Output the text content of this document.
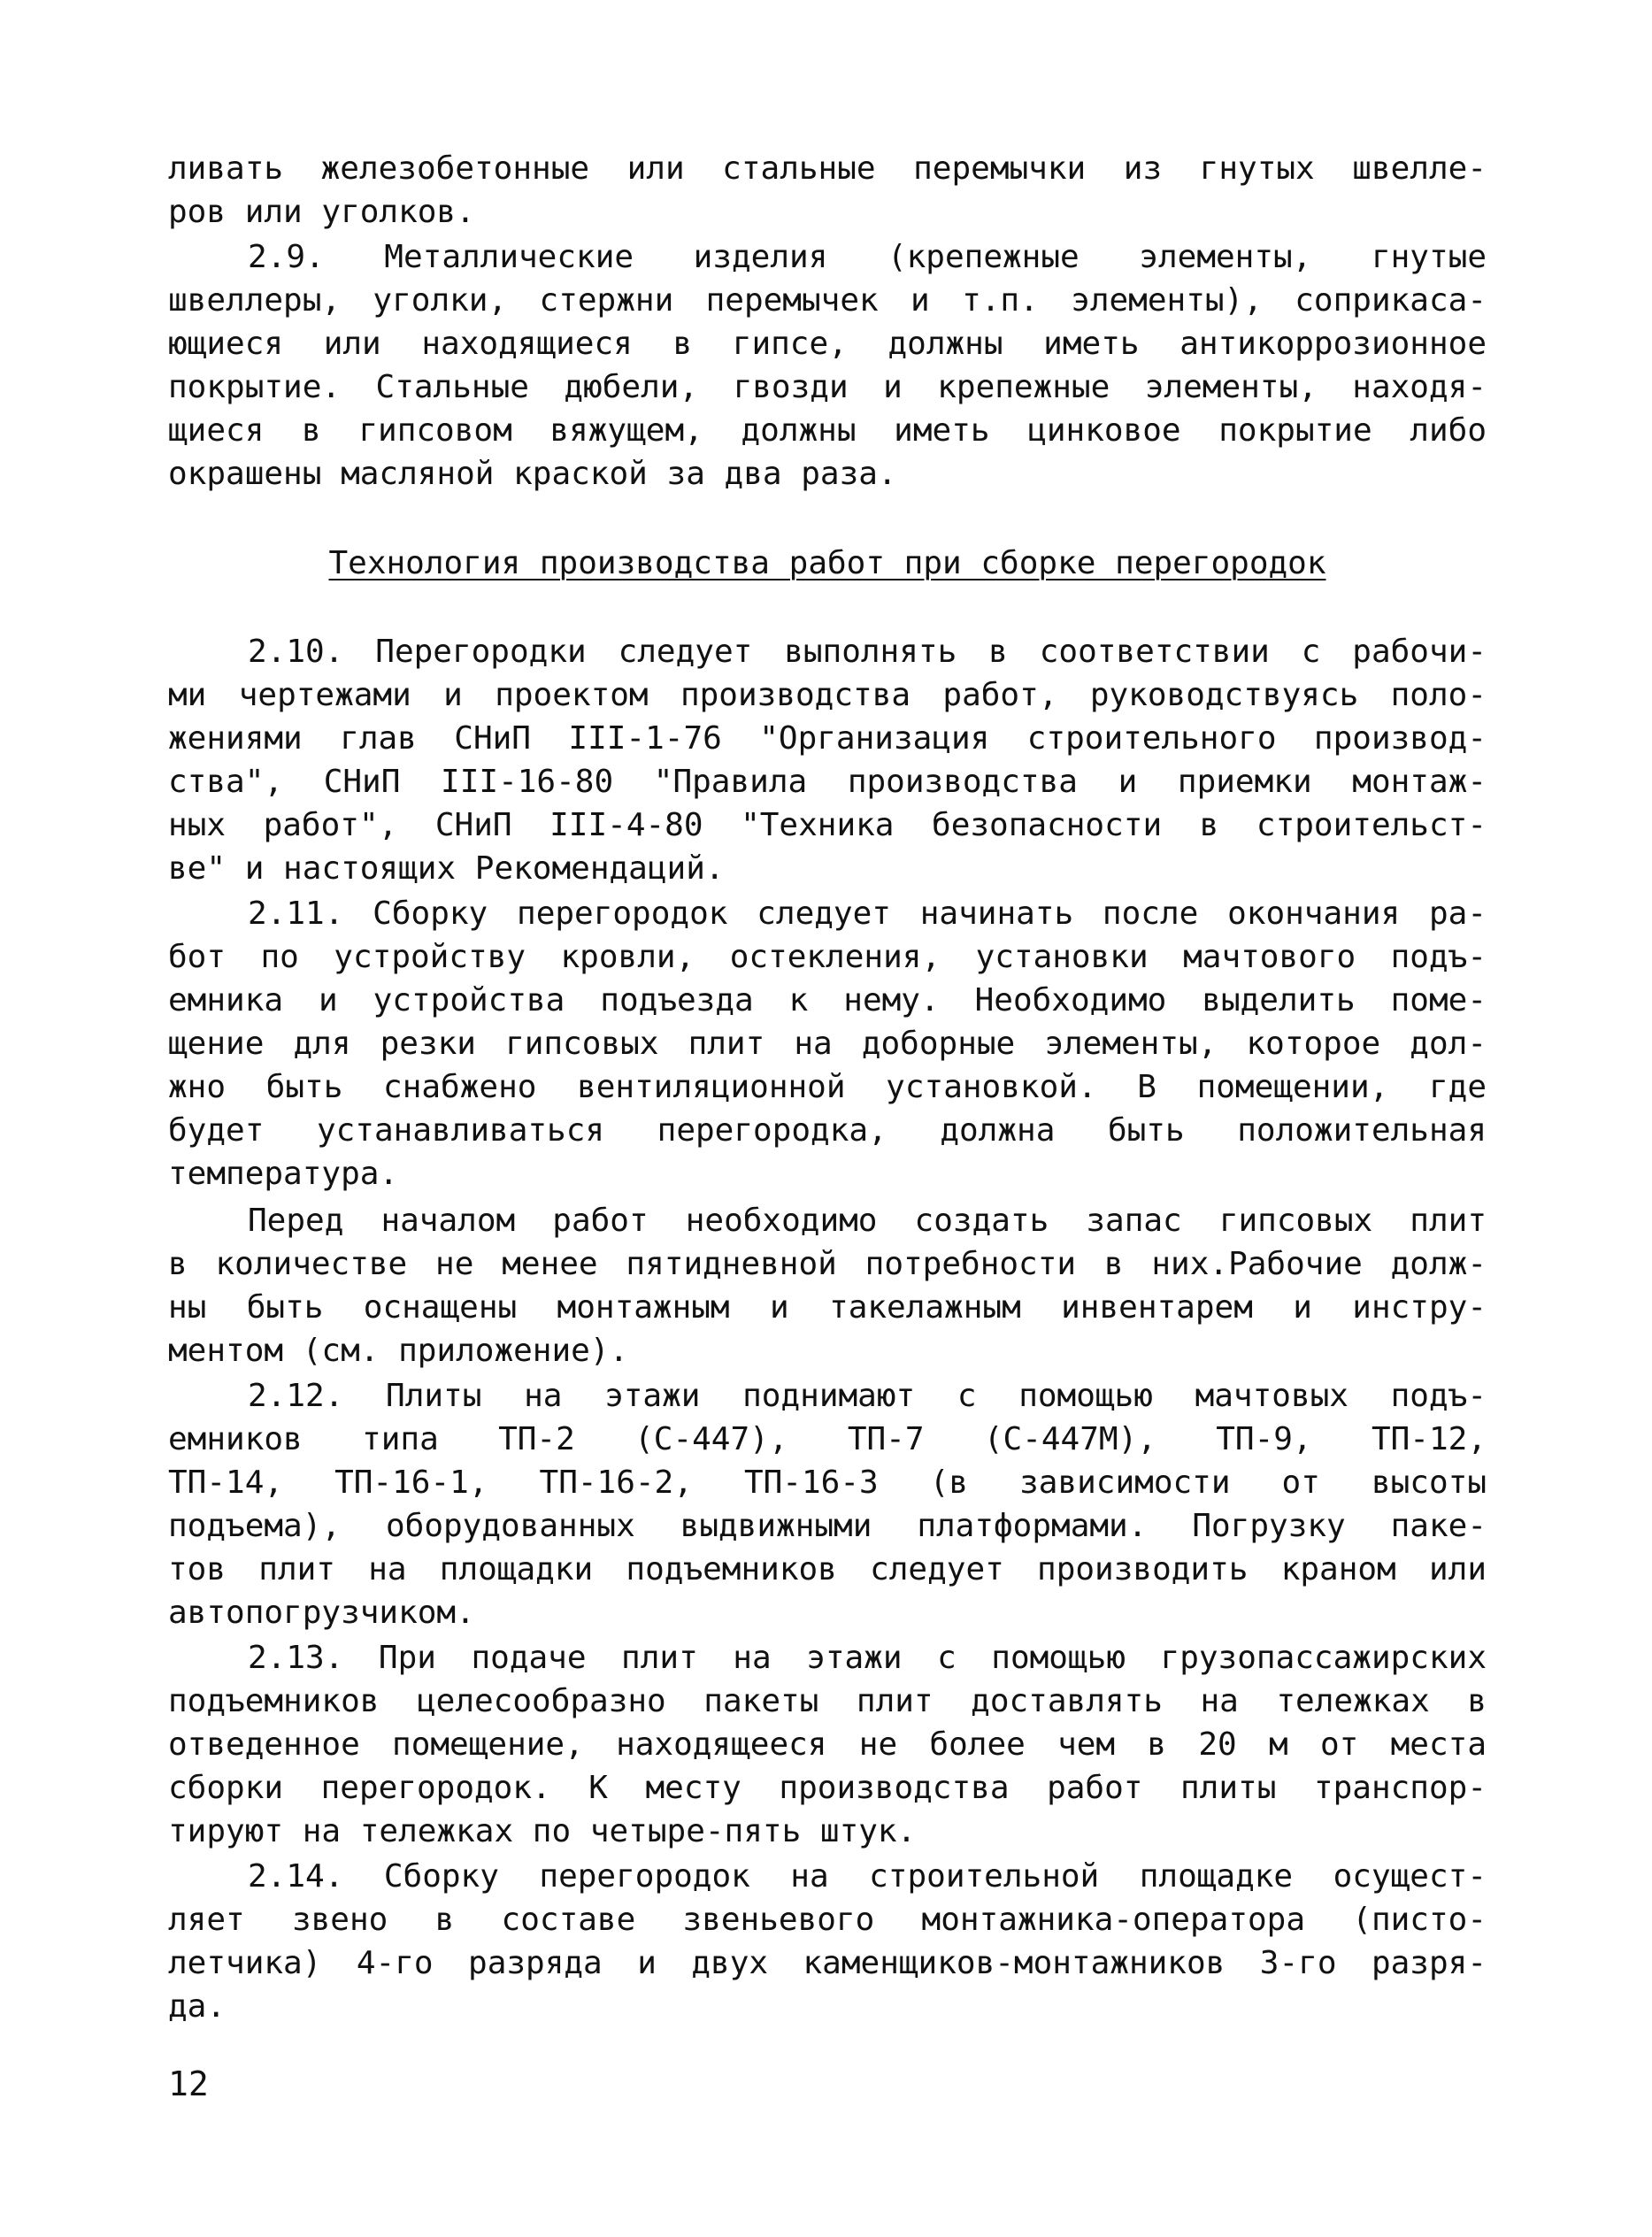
ливать железобетонные или стальные перемычки из гнутых швелле-
ров или уголков.
2.9. Металлические изделия (крепежные элементы, гнутые
швеллеры, уголки, стержни перемычек и т.п. элементы), соприкаса-
ющиеся или находящиеся в гипсе, должны иметь антикоррозионное
покрытие. Стальные дюбели, гвозди и крепежные элементы, находя-
щиеся в гипсовом вяжущем, должны иметь цинковое покрытие либо
окрашены масляной краской за два раза.
Технология производства работ при сборке перегородок
2.10. Перегородки следует выполнять в соответствии с рабочи-
ми чертежами и проектом производства работ, руководствуясь поло-
жениями глав СНиП III-1-76 "Организация строительного производ-
ства", СНиП III-16-80 "Правила производства и приемки монтаж-
ных работ", СНиП III-4-80 "Техника безопасности в строительст-
ве" и настоящих Рекомендаций.
2.11. Сборку перегородок следует начинать после окончания ра-
бот по устройству кровли, остекления, установки мачтового подъ-
емника и устройства подъезда к нему. Необходимо выделить поме-
щение для резки гипсовых плит на доборные элементы, которое дол-
жно быть снабжено вентиляционной установкой. В помещении, где
будет устанавливаться перегородка, должна быть положительная
температура.
Перед началом работ необходимо создать запас гипсовых плит
в количестве не менее пятидневной потребности в них.Рабочие долж-
ны быть оснащены монтажным и такелажным инвентарем и инстру-
ментом (см. приложение).
2.12. Плиты на этажи поднимают с помощью мачтовых подъ-
емников типа ТП-2 (С-447), ТП-7 (С-447М), ТП-9, ТП-12,
ТП-14, ТП-16-1, ТП-16-2, ТП-16-3 (в зависимости от высоты
подъема), оборудованных выдвижными платформами. Погрузку паке-
тов плит на площадки подъемников следует производить краном или
автопогрузчиком.
2.13. При подаче плит на этажи с помощью грузопассажирских
подъемников целесообразно пакеты плит доставлять на тележках в
отведенное помещение, находящееся не более чем в 20 м от места
сборки перегородок. К месту производства работ плиты транспор-
тируют на тележках по четыре-пять штук.
2.14. Сборку перегородок на строительной площадке осущест-
ляет звено в составе звеньевого монтажника-оператора (писто-
летчика) 4-го разряда и двух каменщиков-монтажников 3-го разря-
да.
12
